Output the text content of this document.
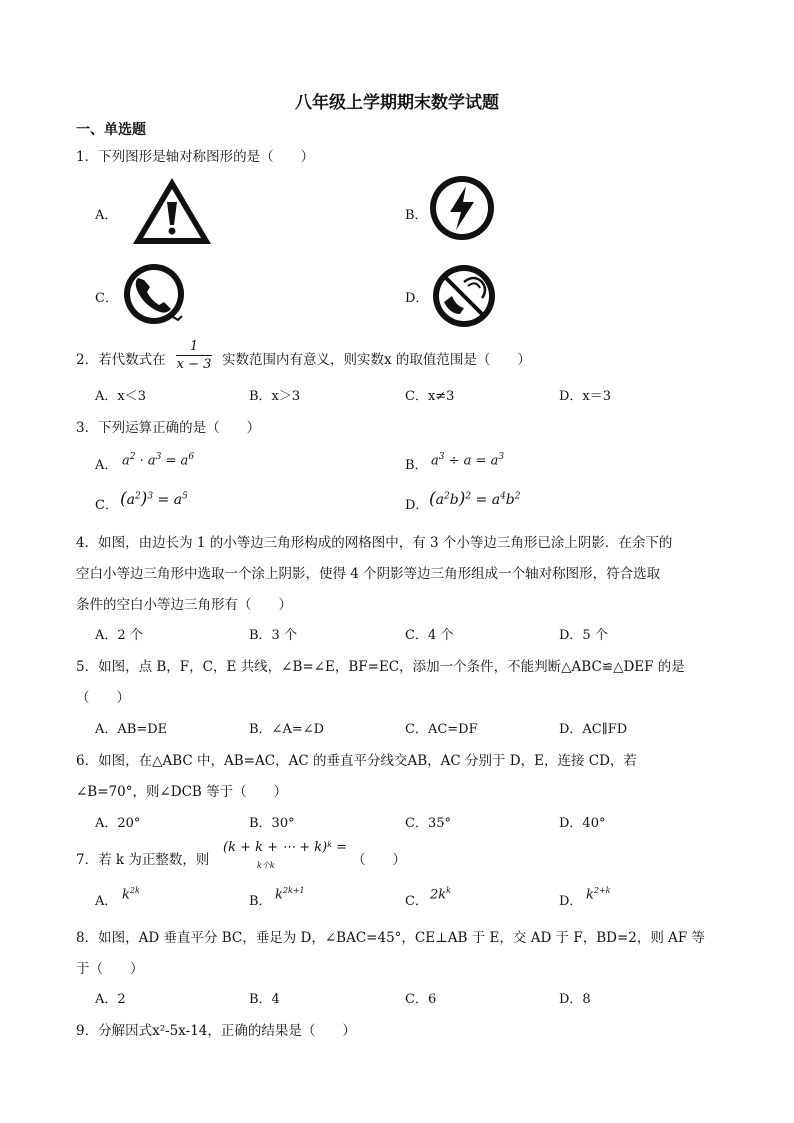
八年级上学期期末数学试题
一、单选题
1．下列图形是轴对称图形的是（　　）
A．	B．
C．	D．
2．若代数式在
1
x − 3 实数范围内有意义，则实数x 的取值范围是（　　）
A．x＜3	B．x＞3	C．x≠3	D．x＝3
3．下列运算正确的是（　　）
A． $a^2 \cdot a^3 = a^6$
B． $a^3 \div a = a^3$
C． $(a^2)^3 = a^5$
D． $(a^2b)^2 = a^4b^2$
4．如图，由边长为 1 的小等边三角形构成的网格图中，有 3 个小等边三角形已涂上阴影．在余下的
空白小等边三角形中选取一个涂上阴影，使得 4 个阴影等边三角形组成一个轴对称图形，符合选取
条件的空白小等边三角形有（　　）
A．2 个	B．3 个	C．4 个	D．5 个
5．如图，点 B，F，C，E 共线，∠B=∠E，BF=EC，添加一个条件，不能判断△ABC≌△DEF 的是
（　　）
A．AB=DE	B．∠A=∠D	C．AC=DF	D．AC∥FD
6．如图，在△ABC 中，AB=AC，AC 的垂直平分线交AB，AC 分别于 D，E，连接 CD，若
∠B=70°，则∠DCB 等于（　　）
A．20°	B．30°	C．35°	D．40°
7．若 k 为正整数，则
(k + k + ⋯ + k)ᵏ =
k个k	（　　）
A． $k^{2k}$
B． $k^{2k+1}$
C． $2k^k$
D． $k^{2+k}$
8．如图，AD 垂直平分 BC，垂足为 D，∠BAC=45°，CE⊥AB 于 E，交 AD 于 F，BD=2，则 AF 等
于（　　）
A．2	B．4	C．6	D．8
9．分解因式x²-5x-14，正确的结果是（　　）
